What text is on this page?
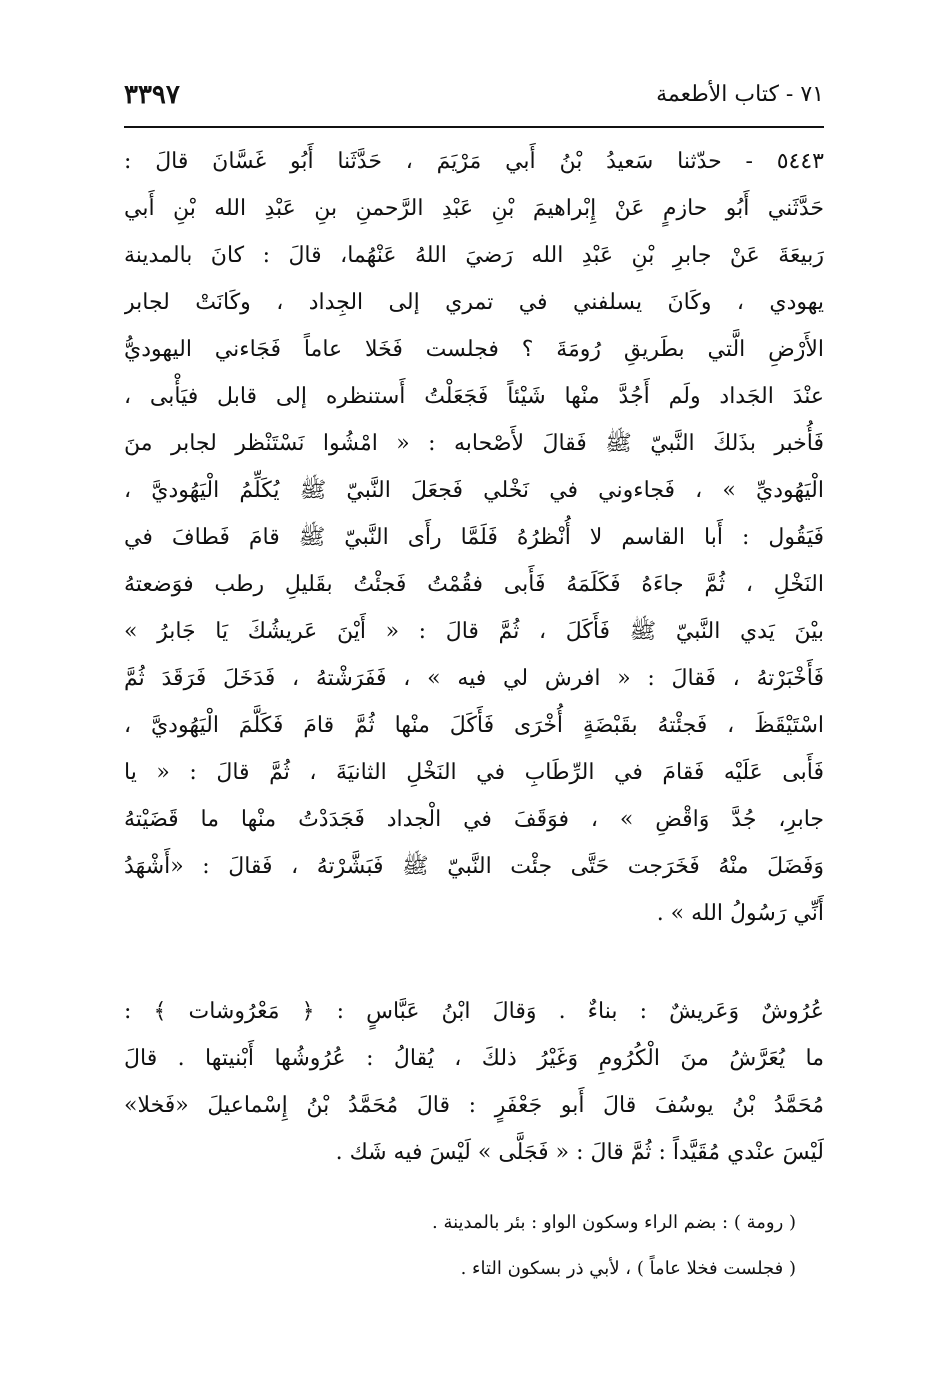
٣٣٩٧	٧١ - كتاب الأطعمة
٥٤٤٣ - حدّثنا سَعيدُ بْنُ أَبي مَرْيَمَ ، حَدَّثَنا أَبُو غَسَّانَ قالَ :
حَدَّثَني أَبُو حازمٍ عَنْ إِبْراهيمَ بْنِ عَبْدِ الرَّحمنِ بنِ عَبْدِ الله بْنِ أَبي
رَبيعَةَ عَنْ جابرِ بْنِ عَبْدِ الله رَضيَ اللهُ عَنْهُما، قالَ : كانَ بالمدينة
يهودي ، وكَانَ يسلفني في تمري إلى الجِداد ، وكَانَتْ لجابر
الأَرْضِ الَّتي بطَريقِ رُومَةَ ؟ فجلست فَخَلا عاماً فَجَاءني اليهوديُّ
عنْدَ الجَداد ولَم أَجُدَّ منْها شَيْئاً فَجَعَلْتُ أَستنظره إلى قابل فيَأْبى ،
فَأُخبر بذَلكَ النَّبيّ ﷺ فَقالَ لأَصْحابه : « امْشُوا نَسْتَنْظر لجابر منَ
الْيَهُوديِّ » ، فَجاءوني في نَخْلي فَجعَلَ النَّبيّ ﷺ يُكَلِّمُ الْيَهُوديَّ ،
فَيَقُول : أَبا القاسم لا أُنْظرُهُ فَلَمَّا رأَى النَّبيّ ﷺ قامَ فَطافَ في
النَخْلِ ، ثُمَّ جاءَهُ فَكَلَمَهُ فَأَبى فقُمْتُ فَجئْتُ بقَليلِ رطب فوَضعتهُ
بيْنَ يَدي النَّبيّ ﷺ فَأَكَلَ ، ثُمَّ قالَ : « أَيْنَ عَريشُكَ يَا جَابرُ »
فَأَخْبَرْتهُ ، فَقالَ : « افرش لي فيه » ، فَفَرَشْتهُ ، فَدَخَلَ فَرَقَدَ ثُمَّ
اسْتَيْقَظَ ، فَجئْتهُ بقَبْضَةٍ أُخْرَى فَأَكَلَ منْها ثُمَّ قامَ فَكَلَّمَ الْيَهُوديَّ ،
فَأَبى عَلَيْه فَقامَ في الرِّطَابِ في النَخْلِ الثانيَةَ ، ثُمَّ قالَ : « يا
جابرِ، جُدَّ وَاقْضِ » ، فوَقَفَ في الْجداد فَجَدَدْتُ منْها ما قَضَيْتهُ
وَفَضَلَ منْهُ فَخَرَجت حَتَّى جئْت النَّبيّ ﷺ فَبَشَّرْتهُ ، فَقالَ : «أَشْهَدُ
أَنِّي رَسُولُ الله » .
عُرُوشٌ وَعَريشٌ : بناءٌ . وَقالَ ابْنُ عَبَّاسٍ : ﴿ مَعْرُوشات ﴾ :
ما يُعَرَّشُ منَ الْكُرُومِ وَغَيْرُ ذلكَ ، يُقالُ : عُرُوشُها أَبْنيتها . قالَ
مُحَمَّدُ بْنُ يوسُفَ قالَ أَبو جَعْفَرٍ : قالَ مُحَمَّدُ بْنُ إِسْماعيلَ «فَخلا»
لَيْسَ عنْدي مُقَيَّداً : ثُمَّ قالَ : « فَجَلَّى » لَيْسَ فيه شَك .
( رومة ) : بضم الراء وسكون الواو : بئر بالمدينة .
( فجلست فخلا عاماً ) ، لأبي ذر بسكون التاء .
